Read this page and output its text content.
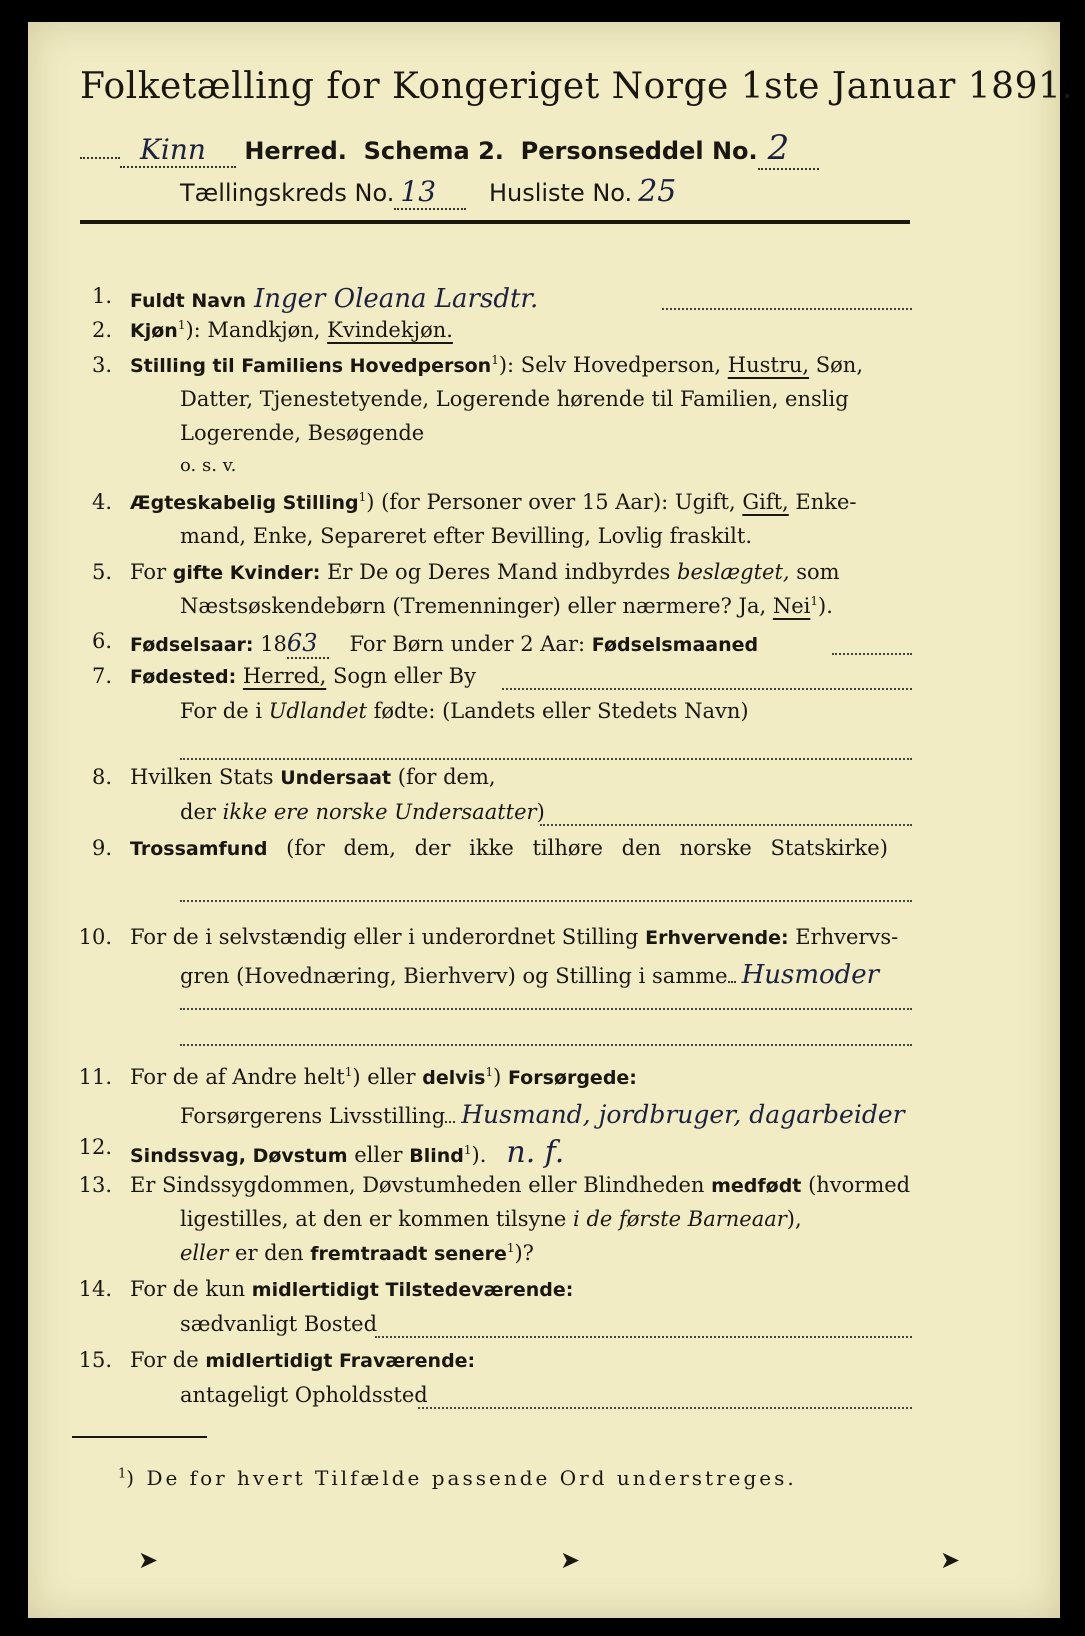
Folketælling for Kongeriget Norge 1ste Januar 1891.
Kinn Herred. Schema 2. Personseddel No. 2
Tællingskreds No. 13 Husliste No. 25
1. Fuldt Navn Inger Oleana Larsdtr.
2. Kjøn$^1$): Mandkjøn, Kvindekjøn.
3. Stilling til Familiens Hovedperson$^1$): Selv Hovedperson, Hustru, Søn,
Datter, Tjenestetyende, Logerende hørende til Familien, enslig
Logerende, Besøgende
o. s. v.
4. Ægteskabelig Stilling$^1$) (for Personer over 15 Aar): Ugift, Gift, Enke-
mand, Enke, Separeret efter Bevilling, Lovlig fraskilt.
5. For gifte Kvinder: Er De og Deres Mand indbyrdes beslægtet, som
Næstsøskendebørn (Tremenninger) eller nærmere? Ja, Nei$^1$).
6. Fødselsaar: 1863 For Børn under 2 Aar: Fødselsmaaned
7. Fødested: Herred, Sogn eller By
For de i Udlandet fødte: (Landets eller Stedets Navn)
8. Hvilken Stats Undersaat (for dem,
der ikke ere norske Undersaatter)
9. Trossamfund (for dem, der ikke tilhøre den norske Statskirke)
10. For de i selvstændig eller i underordnet Stilling Erhvervende: Erhvervs-
gren (Hovednæring, Bierhverv) og Stilling i samme Husmoder
11. For de af Andre helt$^1$) eller delvis$^1$) Forsørgede:
Forsørgerens Livsstilling Husmand, jordbruger, dagarbeider
12. Sindssvag, Døvstum eller Blind$^1$). n. f.
13. Er Sindssygdommen, Døvstumheden eller Blindheden medfødt (hvormed
ligestilles, at den er kommen tilsyne i de første Barneaar),
eller er den fremtraadt senere$^1$)?
14. For de kun midlertidigt Tilstedeværende:
sædvanligt Bosted
15. For de midlertidigt Fraværende:
antageligt Opholdssted
$^1$) De for hvert Tilfælde passende Ord understreges.
➤	➤	➤
